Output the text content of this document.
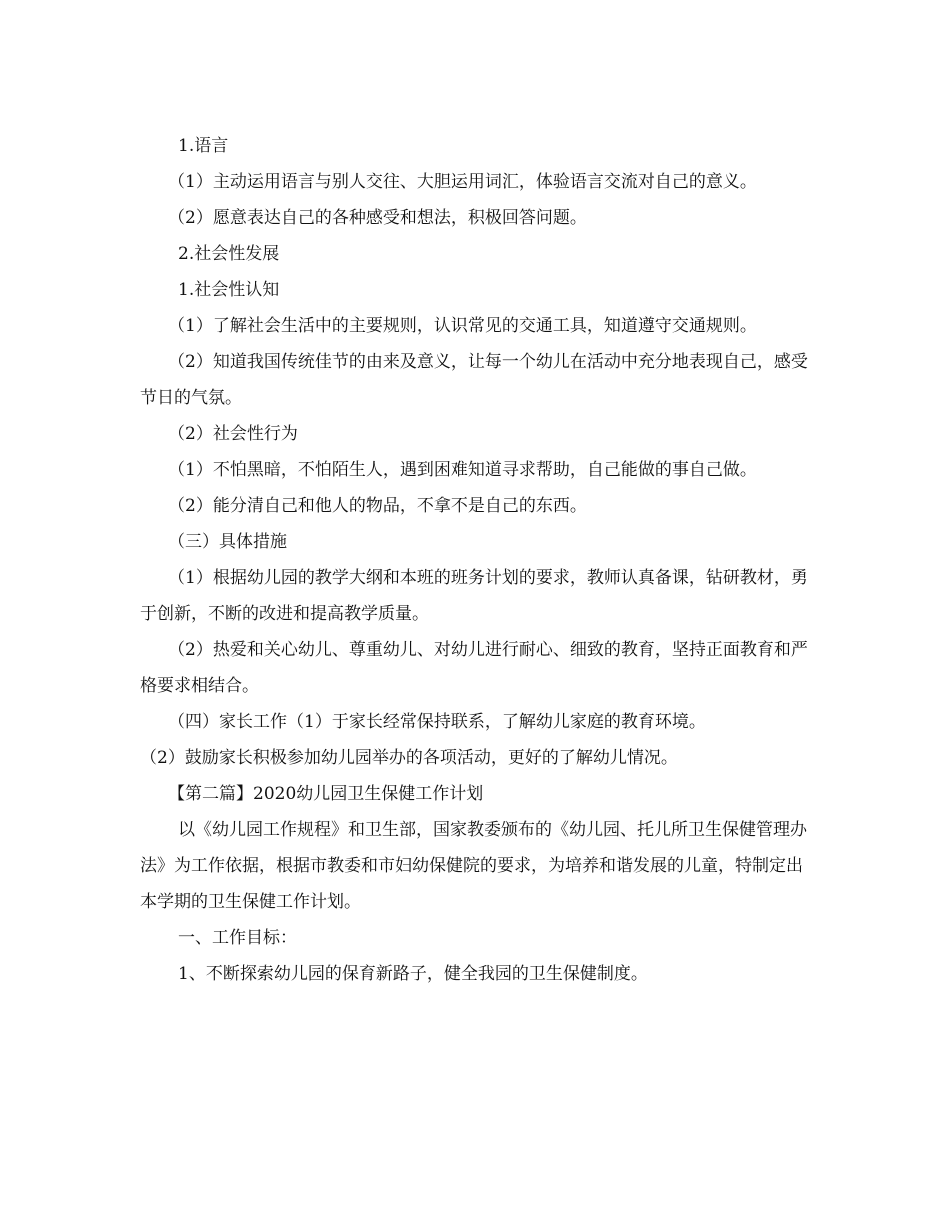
1.语言

（1）主动运用语言与别人交往、大胆运用词汇，体验语言交流对自己的意义。

（2）愿意表达自己的各种感受和想法，积极回答问题。

2.社会性发展

1.社会性认知

（1）了解社会生活中的主要规则，认识常见的交通工具，知道遵守交通规则。

（2）知道我国传统佳节的由来及意义，让每一个幼儿在活动中充分地表现自己，感受节日的气氛。

（2）社会性行为

（1）不怕黑暗，不怕陌生人，遇到困难知道寻求帮助，自己能做的事自己做。

（2）能分清自己和他人的物品，不拿不是自己的东西。

（三）具体措施

（1）根据幼儿园的教学大纲和本班的班务计划的要求，教师认真备课，钻研教材，勇于创新，不断的改进和提高教学质量。

（2）热爱和关心幼儿、尊重幼儿、对幼儿进行耐心、细致的教育，坚持正面教育和严格要求相结合。

（四）家长工作（1）于家长经常保持联系，了解幼儿家庭的教育环境。

（2）鼓励家长积极参加幼儿园举办的各项活动，更好的了解幼儿情况。

【第二篇】2020幼儿园卫生保健工作计划

以《幼儿园工作规程》和卫生部，国家教委颁布的《幼儿园、托儿所卫生保健管理办法》为工作依据，根据市教委和市妇幼保健院的要求，为培养和谐发展的儿童，特制定出本学期的卫生保健工作计划。

一、工作目标：

1、不断探索幼儿园的保育新路子，健全我园的卫生保健制度。
